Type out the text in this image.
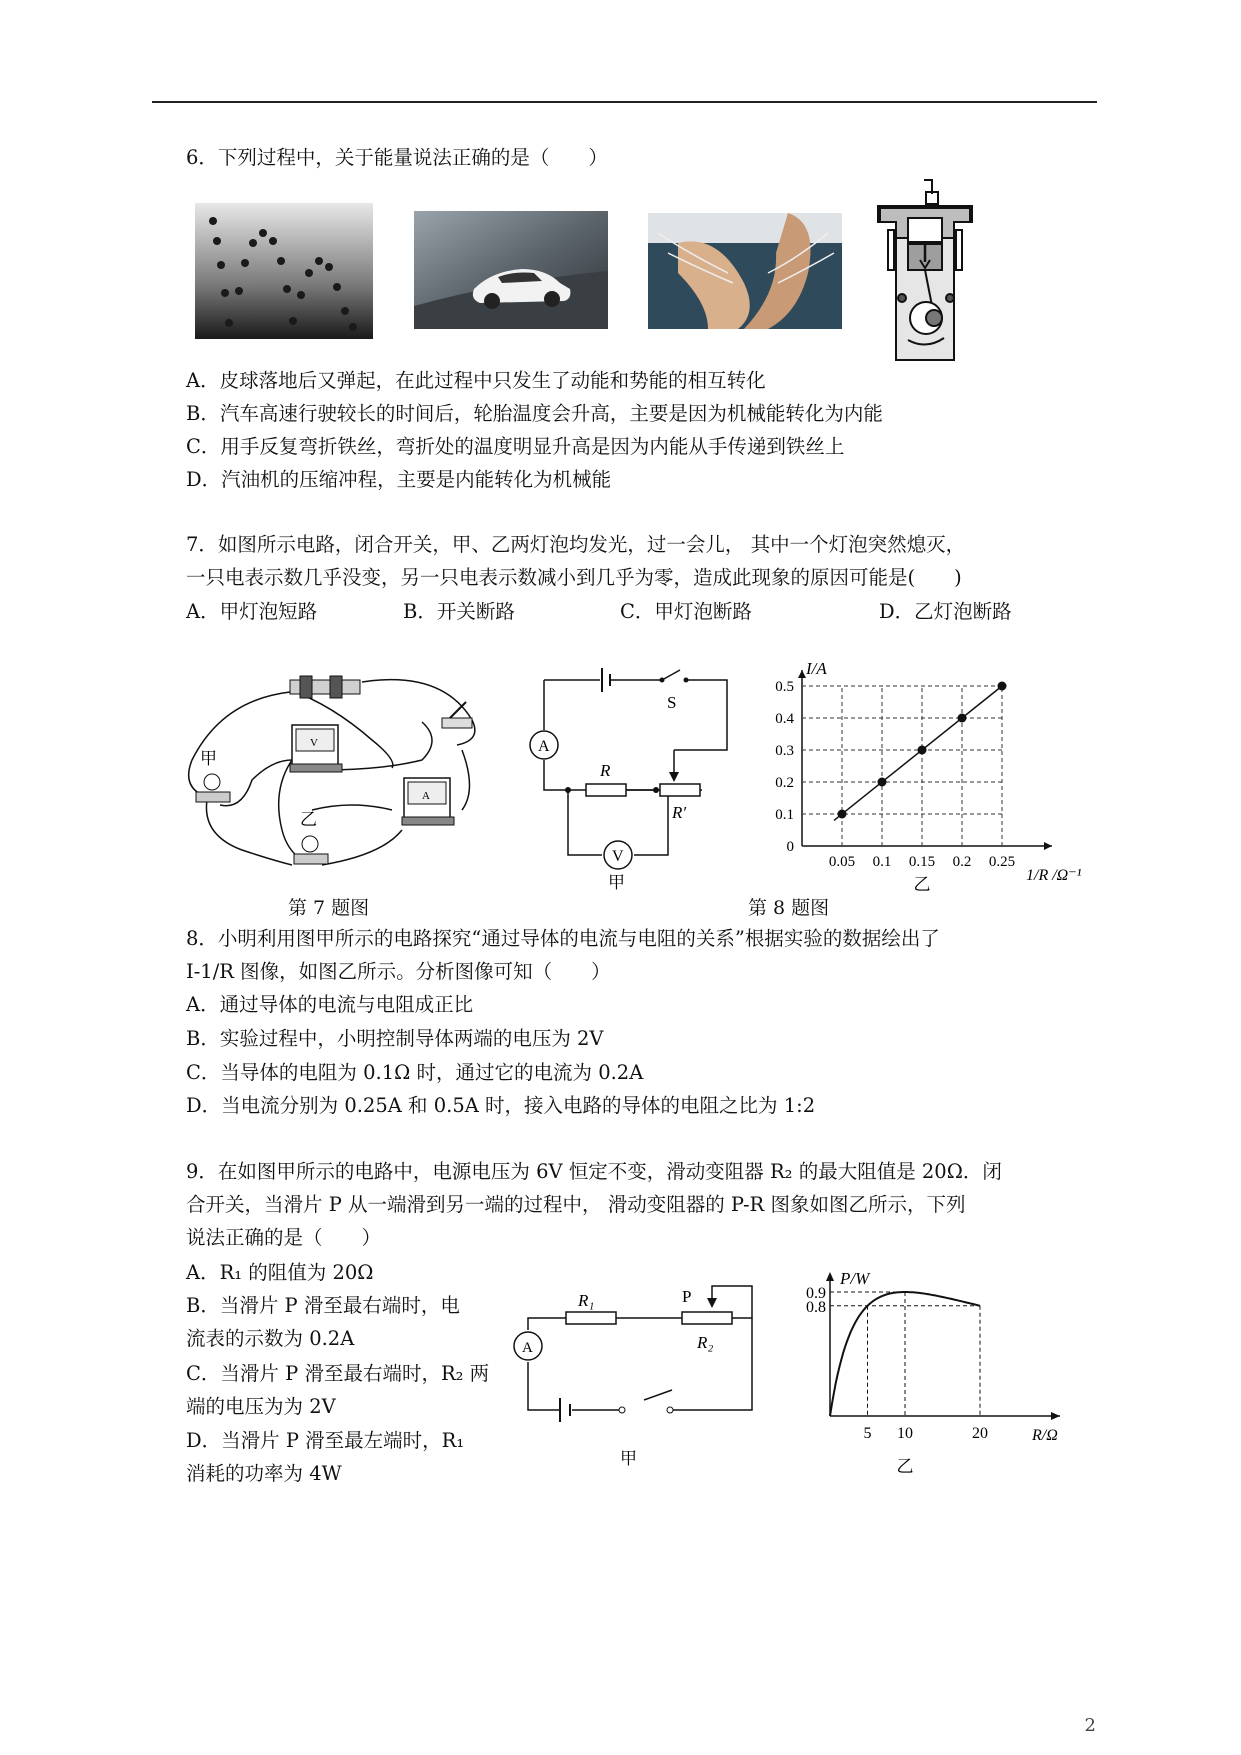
6．下列过程中，关于能量说法正确的是（　　）
A．皮球落地后又弹起，在此过程中只发生了动能和势能的相互转化
B．汽车高速行驶较长的时间后，轮胎温度会升高，主要是因为机械能转化为内能
C．用手反复弯折铁丝，弯折处的温度明显升高是因为内能从手传递到铁丝上
D．汽油机的压缩冲程，主要是内能转化为机械能
7．如图所示电路，闭合开关，甲、乙两灯泡均发光，过一会儿， 其中一个灯泡突然熄灭，
一只电表示数几乎没变，另一只电表示数减小到几乎为零，造成此现象的原因可能是(　　)
A．甲灯泡短路	B．开关断路	C．甲灯泡断路	D．乙灯泡断路
V
A
甲
乙
第 7 题图
A
V
S
R
R′
甲
0.05 0.1 0.15 0.2 0.25
0
0.1
0.2
0.3
0.4
0.5
I/A
1/R /Ω⁻¹
乙
第 8 题图
8．小明利用图甲所示的电路探究“通过导体的电流与电阻的关系”根据实验的数据绘出了
I-1/R 图像，如图乙所示。分析图像可知（　　）
A．通过导体的电流与电阻成正比
B．实验过程中，小明控制导体两端的电压为 2V
C．当导体的电阻为 0.1Ω 时，通过它的电流为 0.2A
D．当电流分别为 0.25A 和 0.5A 时，接入电路的导体的电阻之比为 1:2
9．在如图甲所示的电路中，电源电压为 6V 恒定不变，滑动变阻器 R₂ 的最大阻值是 20Ω．闭
合开关，当滑片 P 从一端滑到另一端的过程中， 滑动变阻器的 P-R 图象如图乙所示，下列
说法正确的是（　　）
A．R₁ 的阻值为 20Ω
B．当滑片 P 滑至最右端时，电
流表的示数为 0.2A
C．当滑片 P 滑至最右端时，R₂ 两
端的电压为为 2V
D．当滑片 P 滑至最左端时，R₁
消耗的功率为 4W
A
R₁
R₂
P
甲
5 10	20
0.8
0.9
P/W
R/Ω
乙
2
